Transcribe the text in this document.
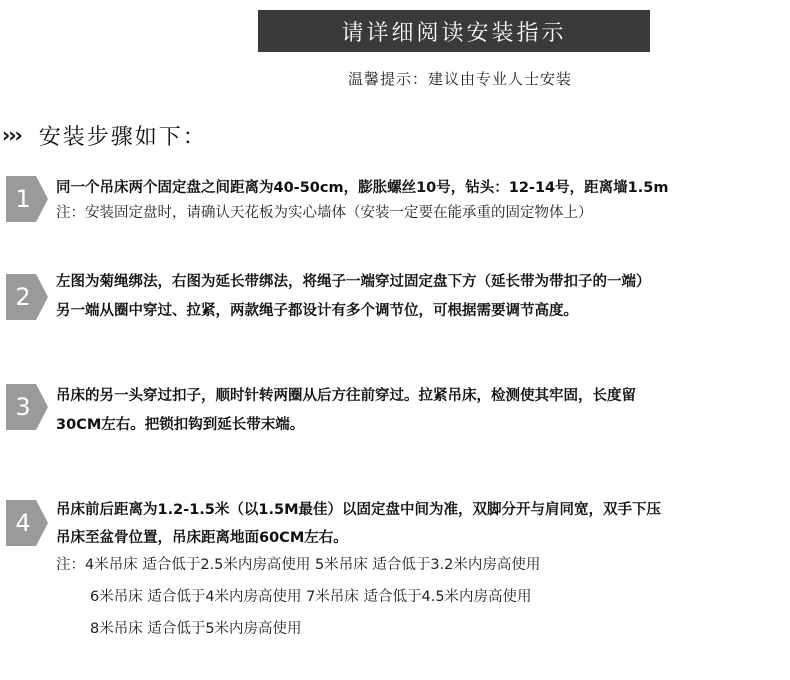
请详细阅读安装指示
温馨提示：建议由专业人士安装
››› 安装步骤如下：
1	同一个吊床两个固定盘之间距离为40-50cm，膨胀螺丝10号，钻头：12-14号，距离墙1.5m
注：安装固定盘时，请确认天花板为实心墙体（安装一定要在能承重的固定物体上）
2
左图为菊绳绑法，右图为延长带绑法，将绳子一端穿过固定盘下方（延长带为带扣子的一端）
另一端从圈中穿过、拉紧，两款绳子都设计有多个调节位，可根据需要调节高度。
3	吊床的另一头穿过扣子，顺时针转两圈从后方往前穿过。拉紧吊床，检测使其牢固，长度留
30CM左右。把锁扣钩到延长带末端。
4	吊床前后距离为1.2-1.5米（以1.5M最佳）以固定盘中间为准，双脚分开与肩同宽，双手下压
吊床至盆骨位置，吊床距离地面60CM左右。
注：4米吊床 适合低于2.5米内房高使用 5米吊床 适合低于3.2米内房高使用
6米吊床 适合低于4米内房高使用 7米吊床 适合低于4.5米内房高使用
8米吊床 适合低于5米内房高使用
